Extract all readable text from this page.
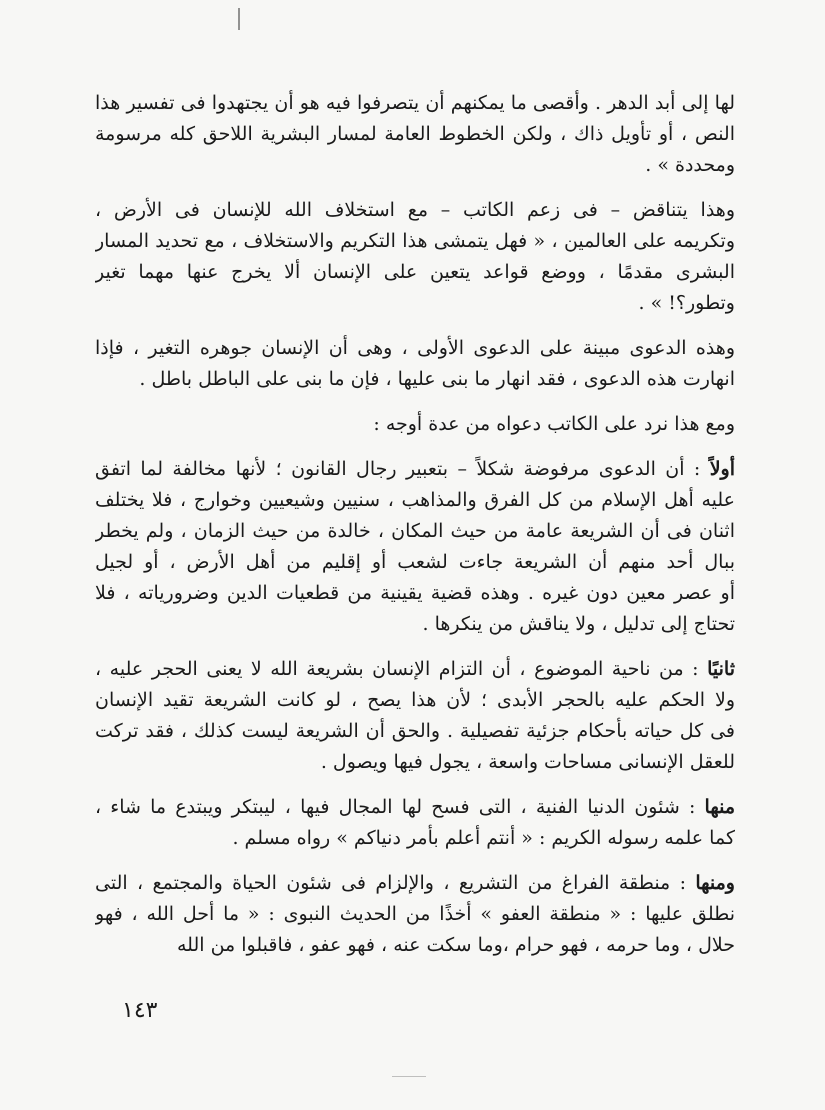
لها إلى أبد الدهر . وأقصى ما يمكنهم أن يتصرفوا فيه هو أن يجتهدوا فى تفسير هذا
النص ، أو تأويل ذاك ، ولكن الخطوط العامة لمسار البشرية اللاحق كله مرسومة
ومحددة » .
وهذا يتناقض – فى زعم الكاتب – مع استخلاف الله للإنسان فى الأرض ،
وتكريمه على العالمين ، « فهل يتمشى هذا التكريم والاستخلاف ، مع تحديد المسار
البشرى مقدمًا ، ووضع قواعد يتعين على الإنسان ألا يخرج عنها مهما تغير
وتطور؟! » .
وهذه الدعوى مبينة على الدعوى الأولى ، وهى أن الإنسان جوهره التغير ، فإذا
انهارت هذه الدعوى ، فقد انهار ما بنى عليها ، فإن ما بنى على الباطل باطل .
ومع هذا نرد على الكاتب دعواه من عدة أوجه :
أولاً : أن الدعوى مرفوضة شكلاً – بتعبير رجال القانون ؛ لأنها مخالفة لما اتفق
عليه أهل الإسلام من كل الفرق والمذاهب ، سنيين وشيعيين وخوارج ، فلا يختلف
اثنان فى أن الشريعة عامة من حيث المكان ، خالدة من حيث الزمان ، ولم يخطر
ببال أحد منهم أن الشريعة جاءت لشعب أو إقليم من أهل الأرض ، أو لجيل
أو عصر معين دون غيره . وهذه قضية يقينية من قطعيات الدين وضرورياته ، فلا
تحتاج إلى تدليل ، ولا يناقش من ينكرها .
ثانيًا : من ناحية الموضوع ، أن التزام الإنسان بشريعة الله لا يعنى الحجر عليه ،
ولا الحكم عليه بالحجر الأبدى ؛ لأن هذا يصح ، لو كانت الشريعة تقيد الإنسان
فى كل حياته بأحكام جزئية تفصيلية . والحق أن الشريعة ليست كذلك ، فقد تركت
للعقل الإنسانى مساحات واسعة ، يجول فيها ويصول .
منها : شئون الدنيا الفنية ، التى فسح لها المجال فيها ، ليبتكر ويبتدع ما شاء ،
كما علمه رسوله الكريم : « أنتم أعلم بأمر دنياكم » رواه مسلم .
ومنها : منطقة الفراغ من التشريع ، والإلزام فى شئون الحياة والمجتمع ، التى
نطلق عليها : « منطقة العفو » أخذًا من الحديث النبوى : « ما أحل الله ، فهو
حلال ، وما حرمه ، فهو حرام ،وما سكت عنه ، فهو عفو ، فاقبلوا من الله
١٤٣
